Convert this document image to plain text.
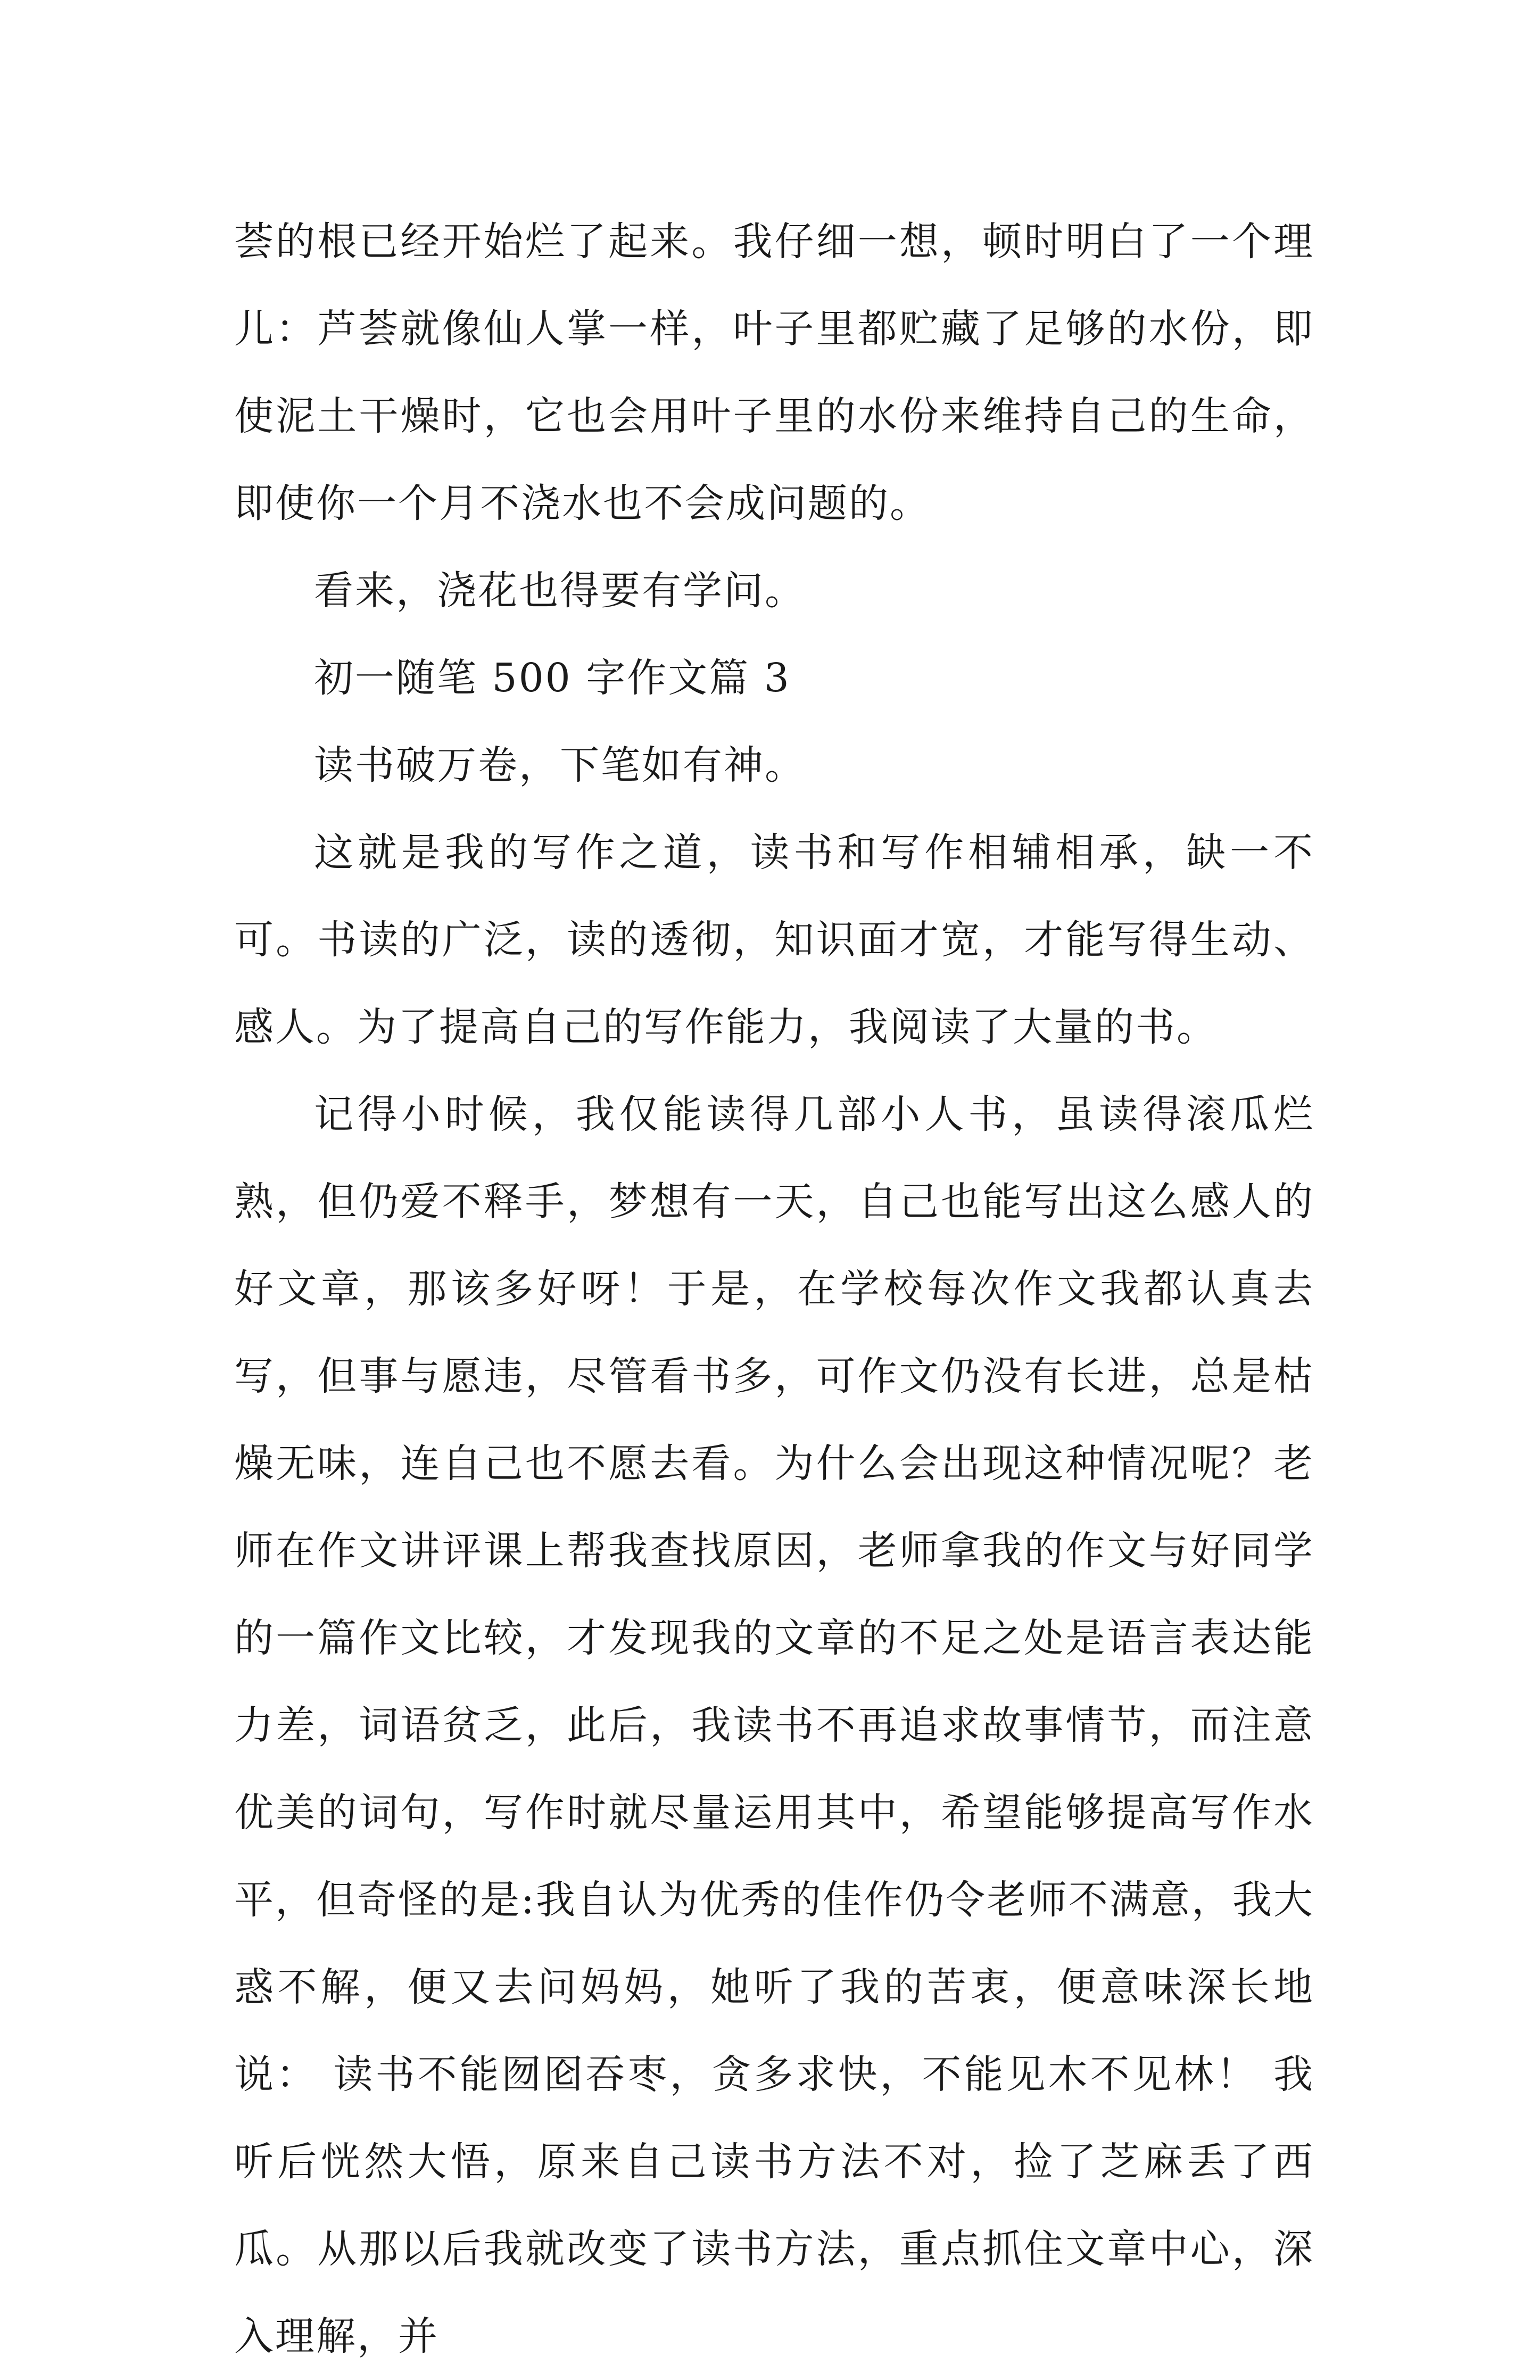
荟的根已经开始烂了起来。我仔细一想，顿时明白了一个理儿：芦荟就像仙人掌一样，叶子里都贮藏了足够的水份，即使泥土干燥时，它也会用叶子里的水份来维持自己的生命，即使你一个月不浇水也不会成问题的。

看来，浇花也得要有学问。

初一随笔 500 字作文篇 3

读书破万卷，下笔如有神。

这就是我的写作之道，读书和写作相辅相承，缺一不可。书读的广泛，读的透彻，知识面才宽，才能写得生动、感人。为了提高自己的写作能力，我阅读了大量的书。

记得小时候，我仅能读得几部小人书，虽读得滚瓜烂熟，但仍爱不释手，梦想有一天，自己也能写出这么感人的好文章，那该多好呀！于是，在学校每次作文我都认真去写，但事与愿违，尽管看书多，可作文仍没有长进，总是枯燥无味，连自己也不愿去看。为什么会出现这种情况呢？老师在作文讲评课上帮我查找原因，老师拿我的作文与好同学的一篇作文比较，才发现我的文章的不足之处是语言表达能力差，词语贫乏，此后，我读书不再追求故事情节，而注意优美的词句，写作时就尽量运用其中，希望能够提高写作水平，但奇怪的是:我自认为优秀的佳作仍令老师不满意，我大惑不解，便又去问妈妈，她听了我的苦衷，便意味深长地说： 读书不能囫囵吞枣，贪多求快，不能见木不见林！ 我听后恍然大悟，原来自己读书方法不对，捡了芝麻丢了西瓜。从那以后我就改变了读书方法，重点抓住文章中心，深入理解，并
